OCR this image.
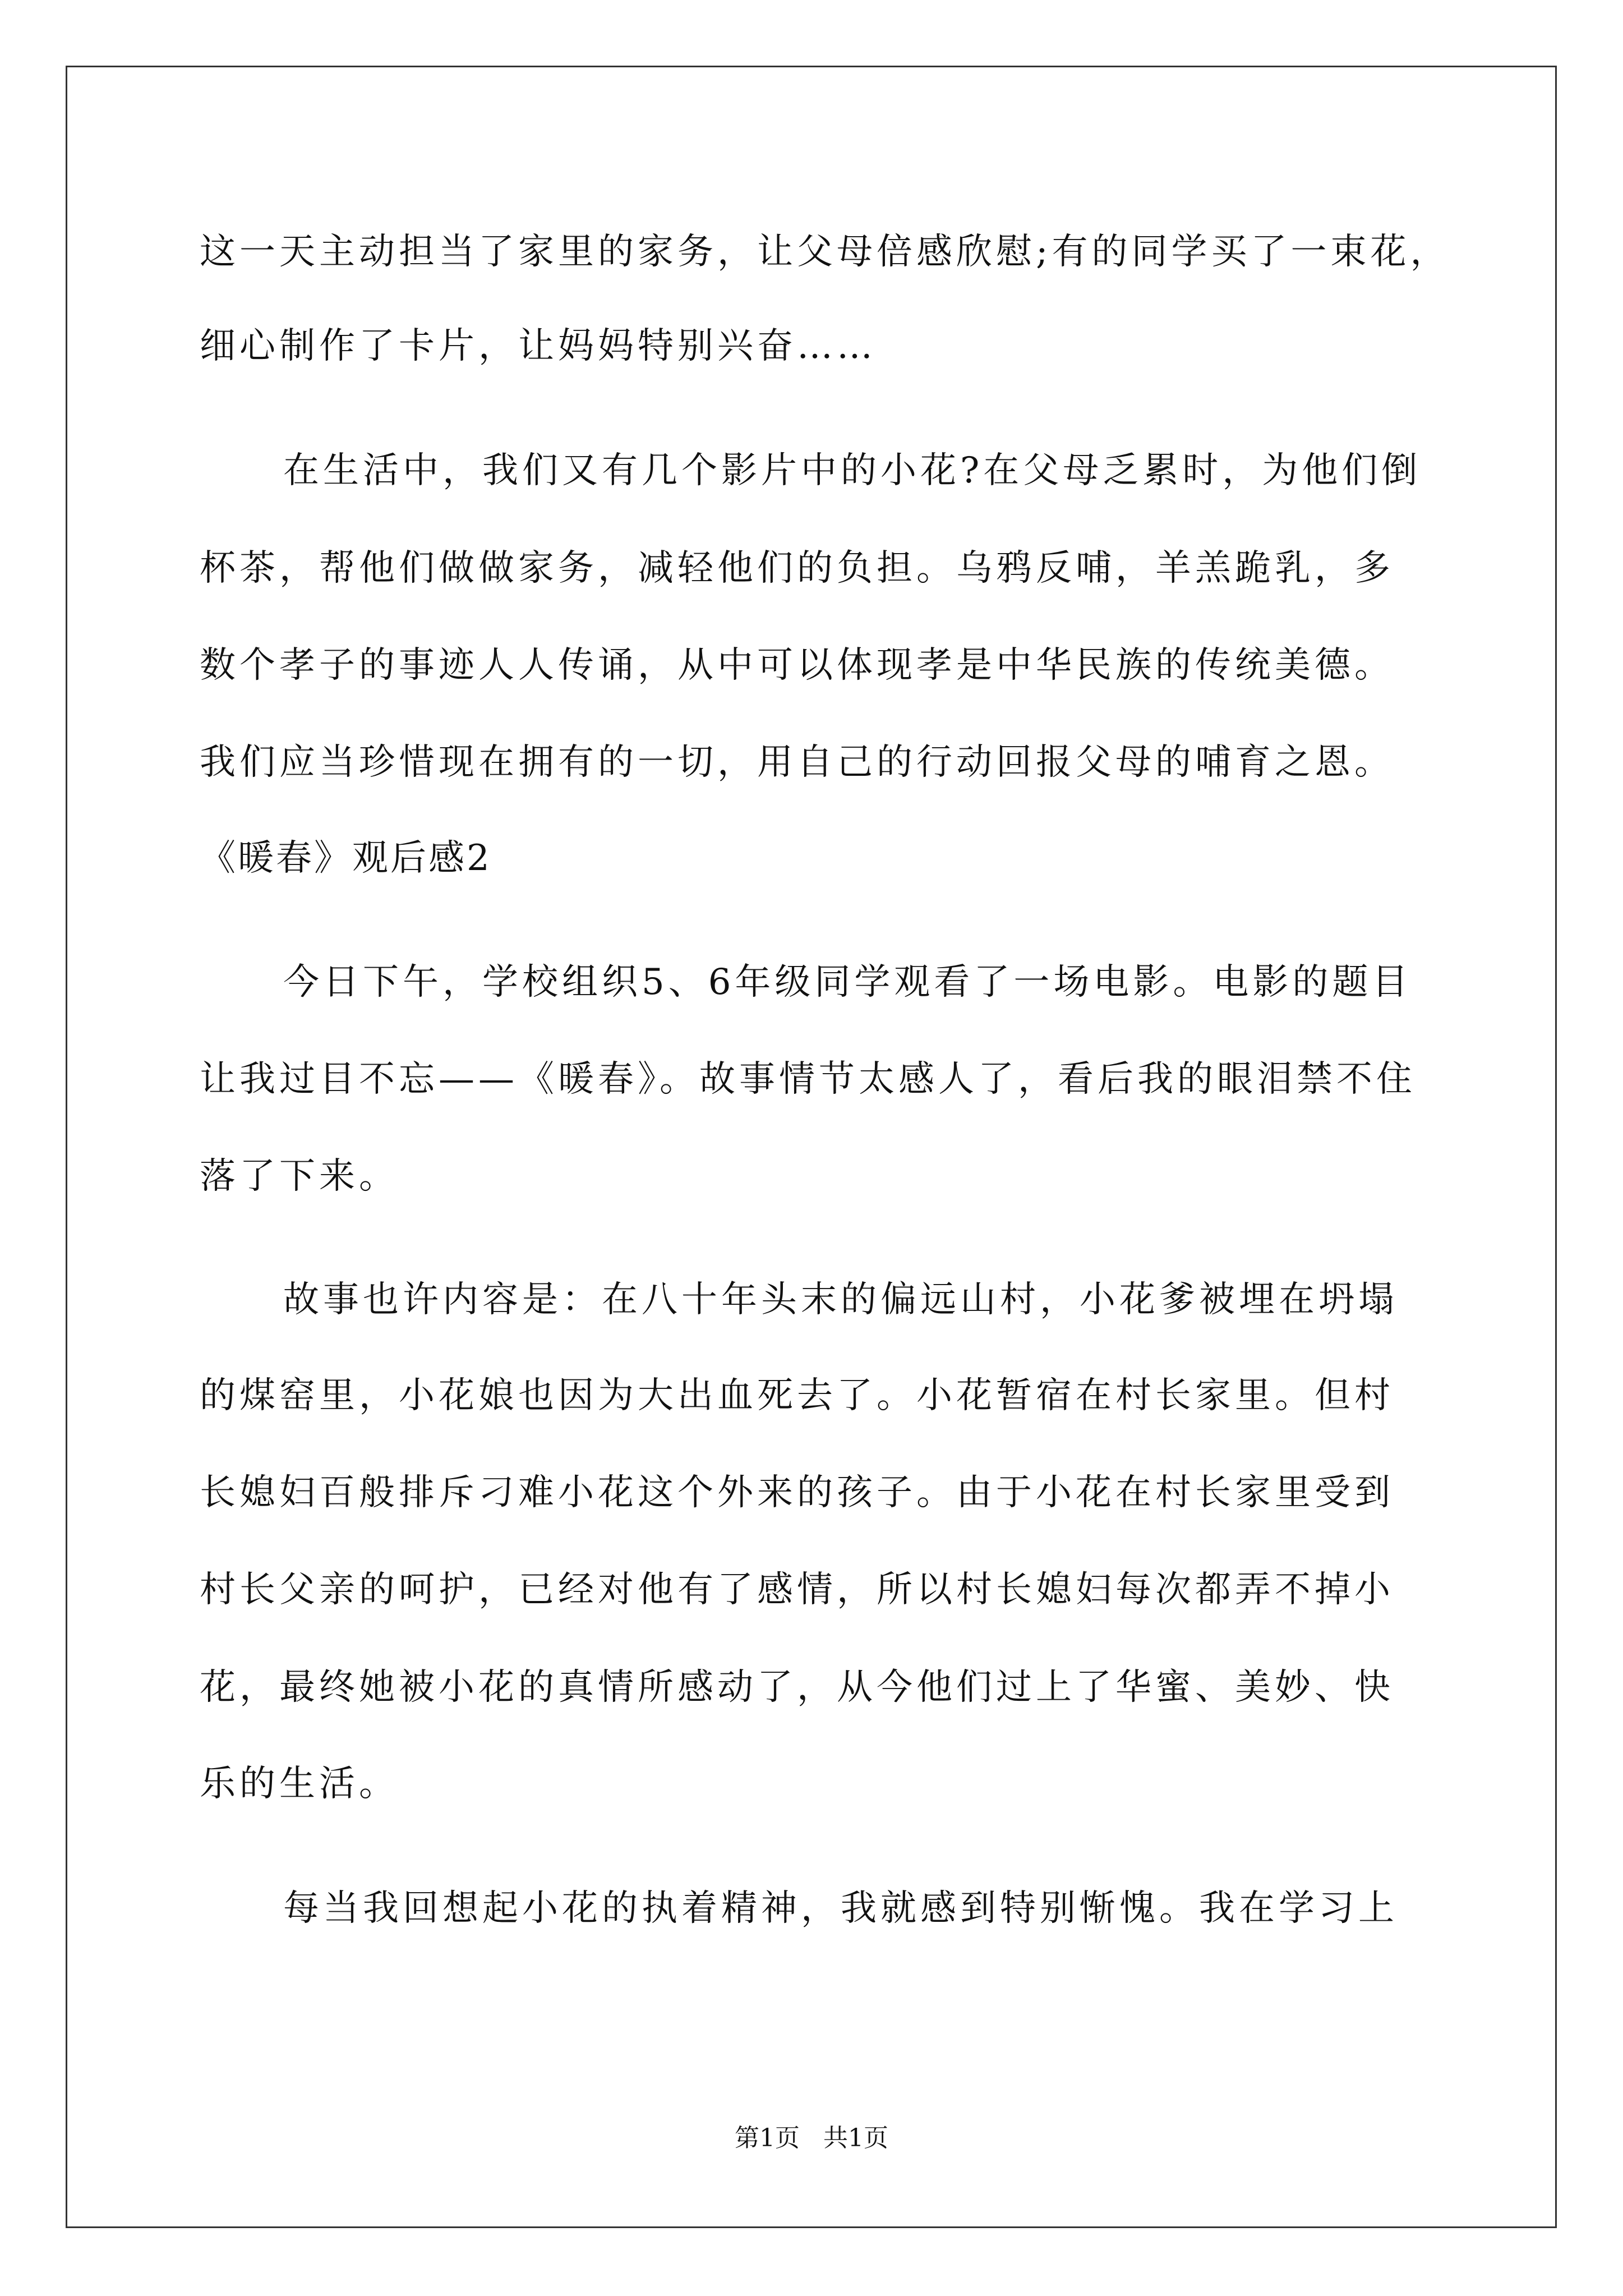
这一天主动担当了家里的家务，让父母倍感欣慰;有的同学买了一束花，
细心制作了卡片，让妈妈特别兴奋……
在生活中，我们又有几个影片中的小花?在父母乏累时，为他们倒
杯茶，帮他们做做家务，减轻他们的负担。乌鸦反哺，羊羔跪乳，多
数个孝子的事迹人人传诵，从中可以体现孝是中华民族的传统美德。
我们应当珍惜现在拥有的一切，用自己的行动回报父母的哺育之恩。
《暖春》观后感2
今日下午，学校组织5、6年级同学观看了一场电影。电影的题目
让我过目不忘——《暖春》。故事情节太感人了，看后我的眼泪禁不住
落了下来。
故事也许内容是：在八十年头末的偏远山村，小花爹被埋在坍塌
的煤窑里，小花娘也因为大出血死去了。小花暂宿在村长家里。但村
长媳妇百般排斥刁难小花这个外来的孩子。由于小花在村长家里受到
村长父亲的呵护，已经对他有了感情，所以村长媳妇每次都弄不掉小
花，最终她被小花的真情所感动了，从今他们过上了华蜜、美妙、快
乐的生活。
每当我回想起小花的执着精神，我就感到特别惭愧。我在学习上
第1页   共1页
